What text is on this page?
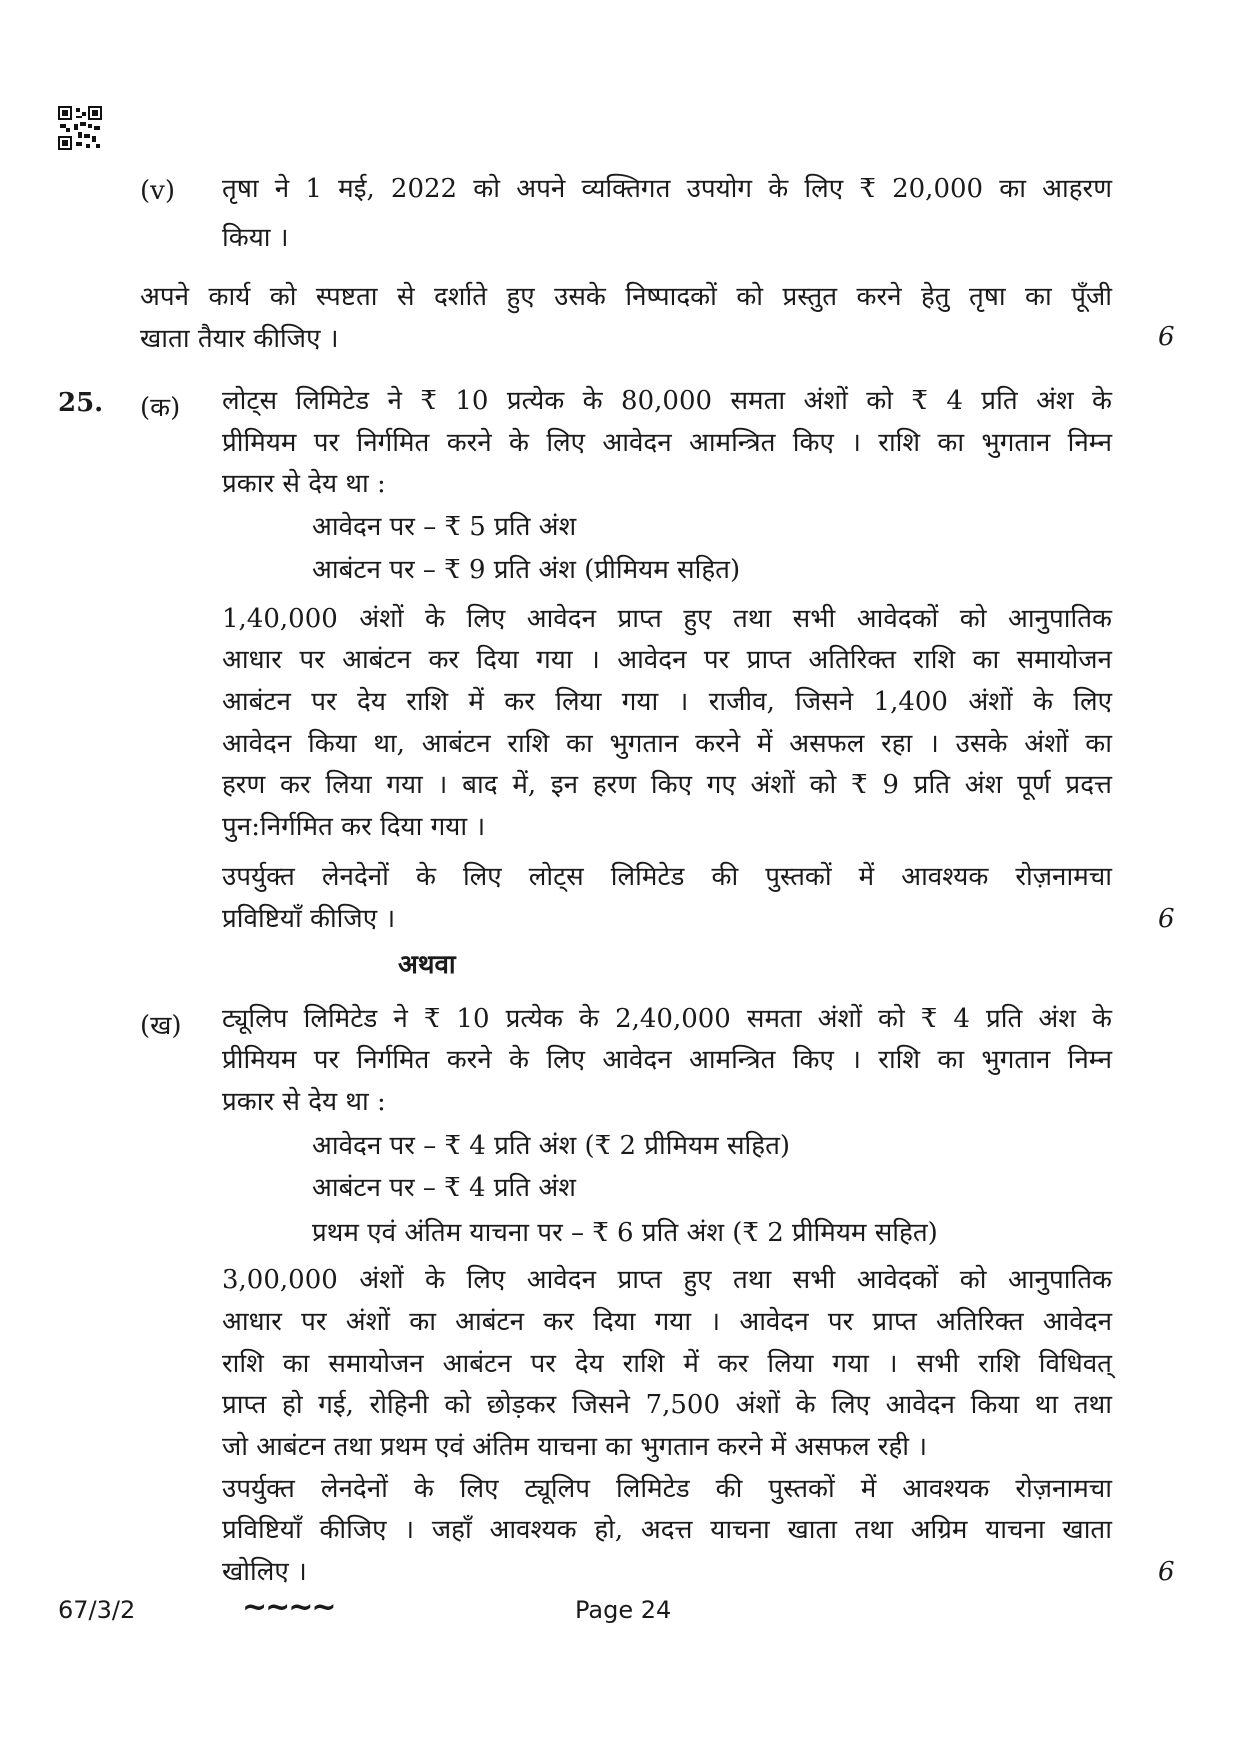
(v) तृषा ने 1 मई, 2022 को अपने व्यक्तिगत उपयोग के लिए ₹ 20,000 का आहरण
किया ।
अपने कार्य को स्पष्टता से दर्शाते हुए उसके निष्पादकों को प्रस्तुत करने हेतु तृषा का पूँजी
खाता तैयार कीजिए ।	6
25. (क) लोट्स लिमिटेड ने ₹ 10 प्रत्येक के 80,000 समता अंशों को ₹ 4 प्रति अंश के
प्रीमियम पर निर्गमित करने के लिए आवेदन आमन्त्रित किए । राशि का भुगतान निम्न
प्रकार से देय था :
आवेदन पर – ₹ 5 प्रति अंश
आबंटन पर – ₹ 9 प्रति अंश (प्रीमियम सहित)
1,40,000 अंशों के लिए आवेदन प्राप्त हुए तथा सभी आवेदकों को आनुपातिक
आधार पर आबंटन कर दिया गया । आवेदन पर प्राप्त अतिरिक्त राशि का समायोजन
आबंटन पर देय राशि में कर लिया गया । राजीव, जिसने 1,400 अंशों के लिए
आवेदन किया था, आबंटन राशि का भुगतान करने में असफल रहा । उसके अंशों का
हरण कर लिया गया । बाद में, इन हरण किए गए अंशों को ₹ 9 प्रति अंश पूर्ण प्रदत्त
पुन:निर्गमित कर दिया गया ।
उपर्युक्त लेनदेनों के लिए लोट्स लिमिटेड की पुस्तकों में आवश्यक रोज़नामचा
प्रविष्टियाँ कीजिए ।	6
अथवा
(ख) ट्यूलिप लिमिटेड ने ₹ 10 प्रत्येक के 2,40,000 समता अंशों को ₹ 4 प्रति अंश के
प्रीमियम पर निर्गमित करने के लिए आवेदन आमन्त्रित किए । राशि का भुगतान निम्न
प्रकार से देय था :
आवेदन पर – ₹ 4 प्रति अंश (₹ 2 प्रीमियम सहित)
आबंटन पर – ₹ 4 प्रति अंश
प्रथम एवं अंतिम याचना पर – ₹ 6 प्रति अंश (₹ 2 प्रीमियम सहित)
3,00,000 अंशों के लिए आवेदन प्राप्त हुए तथा सभी आवेदकों को आनुपातिक
आधार पर अंशों का आबंटन कर दिया गया । आवेदन पर प्राप्त अतिरिक्त आवेदन
राशि का समायोजन आबंटन पर देय राशि में कर लिया गया । सभी राशि विधिवत्
प्राप्त हो गई, रोहिनी को छोड़कर जिसने 7,500 अंशों के लिए आवेदन किया था तथा
जो आबंटन तथा प्रथम एवं अंतिम याचना का भुगतान करने में असफल रही ।
उपर्युक्त लेनदेनों के लिए ट्यूलिप लिमिटेड की पुस्तकों में आवश्यक रोज़नामचा
प्रविष्टियाँ कीजिए । जहाँ आवश्यक हो, अदत्त याचना खाता तथा अग्रिम याचना खाता
खोलिए ।	6
67/3/2	~~~~	Page 24
